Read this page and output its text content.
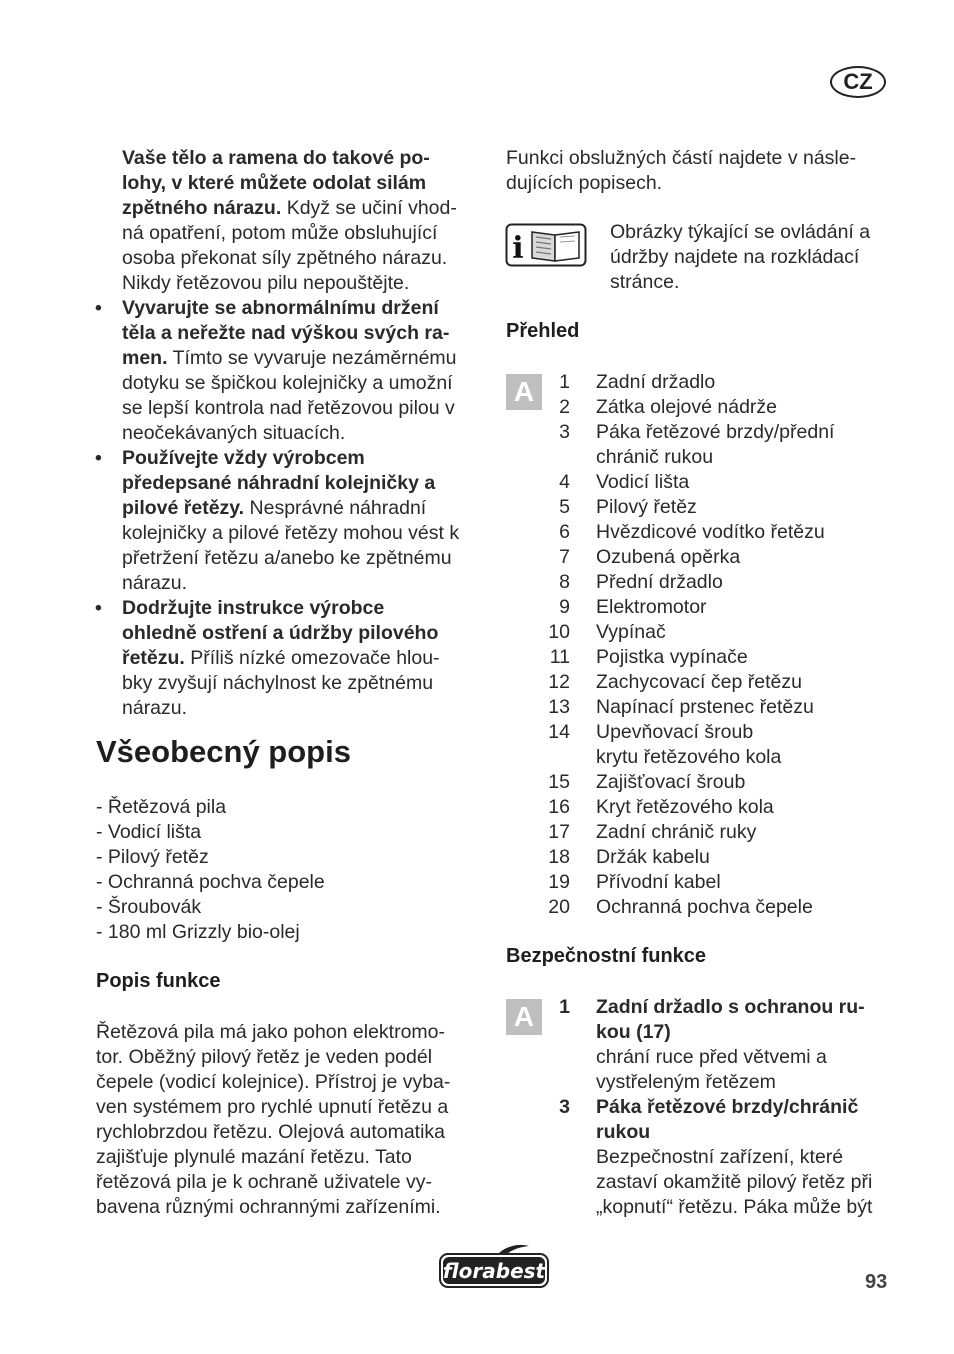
CZ
Vaše tělo a ramena do takové po-
lohy, v které můžete odolat silám
zpětného nárazu. Když se učiní vhod-
ná opatření, potom může obsluhující
osoba překonat síly zpětného nárazu.
Nikdy řetězovou pilu nepouštějte.
• Vyvarujte se abnormálnímu držení
těla a neřežte nad výškou svých ra-
men. Tímto se vyvaruje nezáměrnému
dotyku se špičkou kolejničky a umožní
se lepší kontrola nad řetězovou pilou v
neočekávaných situacích.
• Používejte vždy výrobcem
předepsané náhradní kolejničky a
pilové řetězy. Nesprávné náhradní
kolejničky a pilové řetězy mohou vést k
přetržení řetězu a/anebo ke zpětnému
nárazu.
• Dodržujte instrukce výrobce
ohledně ostření a údržby pilového
řetězu. Příliš nízké omezovače hlou-
bky zvyšují náchylnost ke zpětnému
nárazu.
Všeobecný popis
- Řetězová pila
- Vodicí lišta
- Pilový řetěz
- Ochranná pochva čepele
- Šroubovák
- 180 ml Grizzly bio-olej
Popis funkce
Řetězová pila má jako pohon elektromo-
tor. Oběžný pilový řetěz je veden podél
čepele (vodicí kolejnice). Přístroj je vyba-
ven systémem pro rychlé upnutí řetězu a
rychlobrzdou řetězu. Olejová automatika
zajišťuje plynulé mazání řetězu. Tato
řetězová pila je k ochraně uživatele vy-
bavena různými ochrannými zařízeními.
Funkci obslužných částí najdete v násle-
dujících popisech.
i	Obrázky týkající se ovládání a
údržby najdete na rozkládací
stránce.
Přehled
A	1 Zadní držadlo
2 Zátka olejové nádrže
3 Páka řetězové brzdy/přední
chránič rukou
4 Vodicí lišta
5 Pilový řetěz
6 Hvězdicové vodítko řetězu
7 Ozubená opěrka
8 Přední držadlo
9 Elektromotor
10 Vypínač
11 Pojistka vypínače
12 Zachycovací čep řetězu
13 Napínací prstenec řetězu
14 Upevňovací šroub
krytu řetězového kola
15 Zajišťovací šroub
16 Kryt řetězového kola
17 Zadní chránič ruky
18 Držák kabelu
19 Přívodní kabel
20 Ochranná pochva čepele
Bezpečnostní funkce
A	1 Zadní držadlo s ochranou ru-
kou (17)
chrání ruce před větvemi a
vystřeleným řetězem
3 Páka řetězové brzdy/chránič
rukou
Bezpečnostní zařízení, které
zastaví okamžitě pilový řetěz při
„kopnutí“ řetězu. Páka může být
florabest	93
